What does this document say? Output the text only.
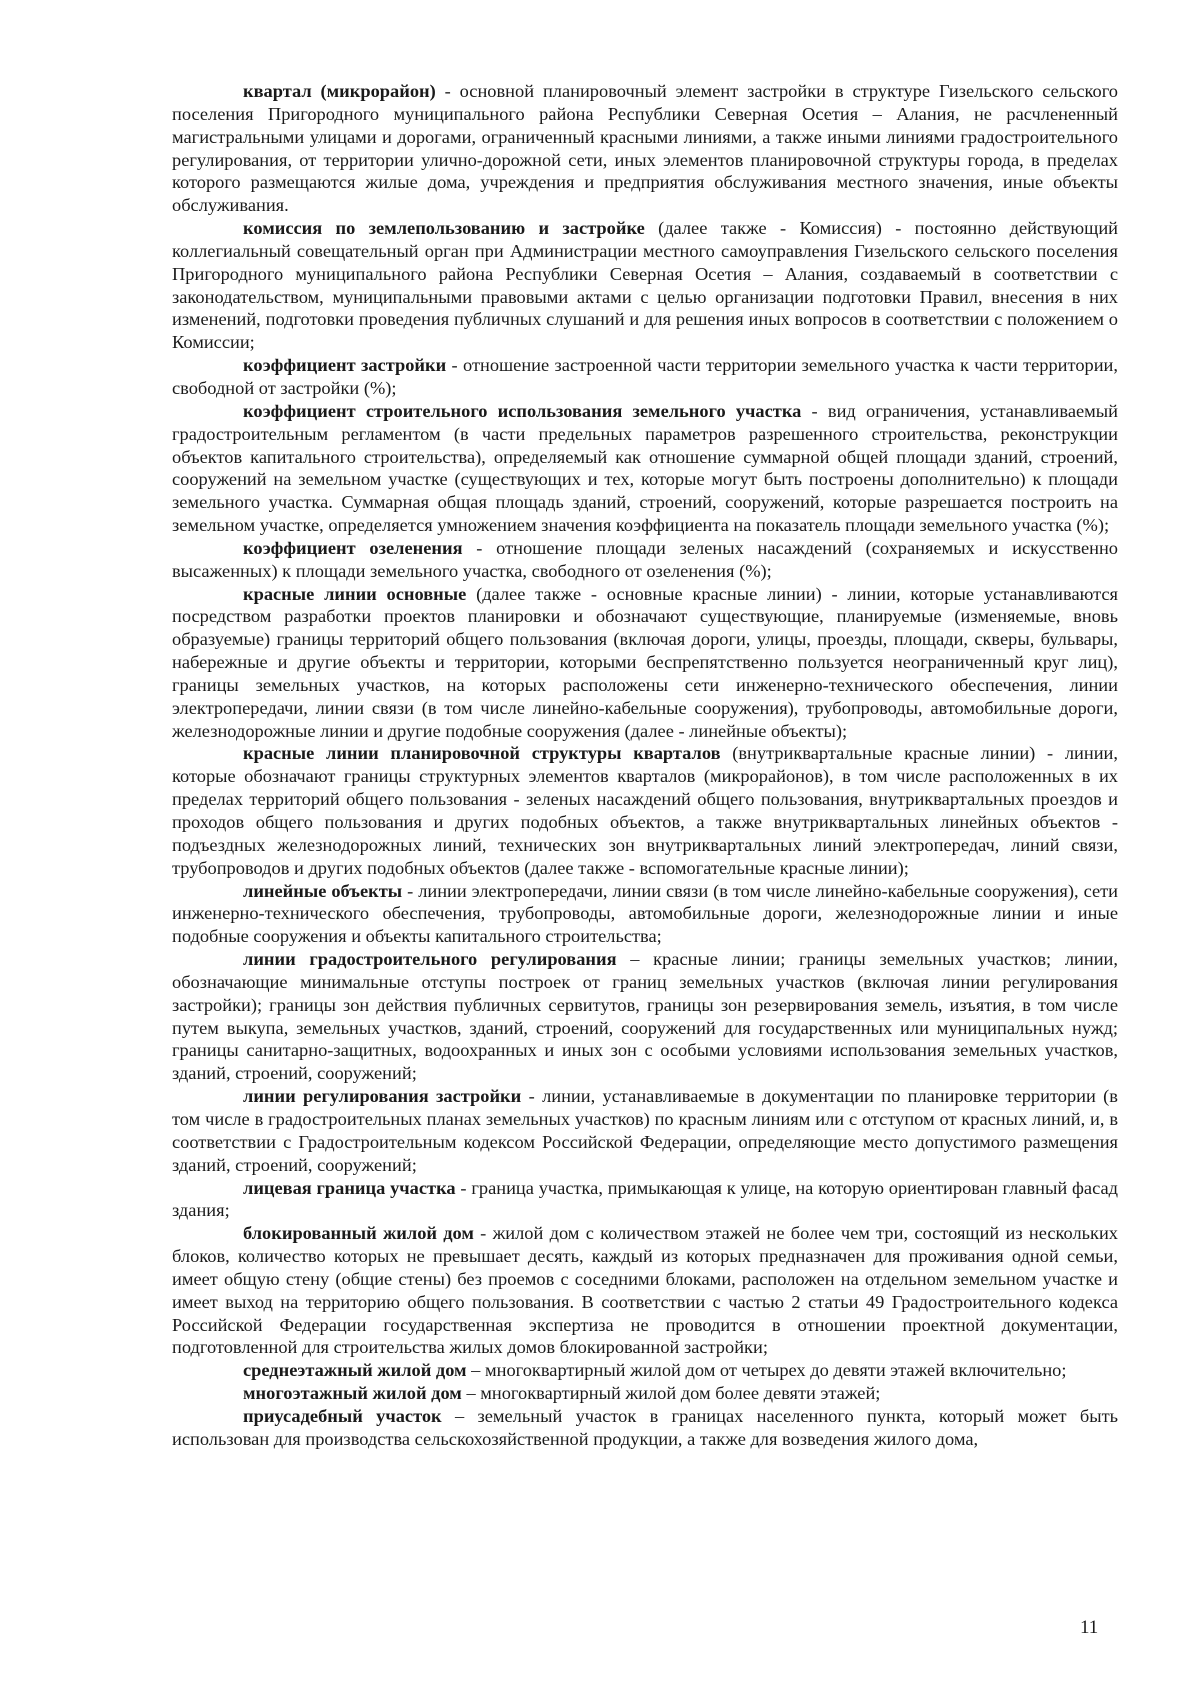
квартал (микрорайон) - основной планировочный элемент застройки в структуре Гизельского сельского поселения Пригородного муниципального района Республики Северная Осетия – Алания, не расчлененный магистральными улицами и дорогами, ограниченный красными линиями, а также иными линиями градостроительного регулирования, от территории улично-дорожной сети, иных элементов планировочной структуры города, в пределах которого размещаются жилые дома, учреждения и предприятия обслуживания местного значения, иные объекты обслуживания.

комиссия по землепользованию и застройке (далее также - Комиссия) - постоянно действующий коллегиальный совещательный орган при Администрации местного самоуправления Гизельского сельского поселения Пригородного муниципального района Республики Северная Осетия – Алания, создаваемый в соответствии с законодательством, муниципальными правовыми актами с целью организации подготовки Правил, внесения в них изменений, подготовки проведения публичных слушаний и для решения иных вопросов в соответствии с положением о Комиссии;

коэффициент застройки - отношение застроенной части территории земельного участка к части территории, свободной от застройки (%);

коэффициент строительного использования земельного участка - вид ограничения, устанавливаемый градостроительным регламентом (в части предельных параметров разрешенного строительства, реконструкции объектов капитального строительства), определяемый как отношение суммарной общей площади зданий, строений, сооружений на земельном участке (существующих и тех, которые могут быть построены дополнительно) к площади земельного участка. Суммарная общая площадь зданий, строений, сооружений, которые разрешается построить на земельном участке, определяется умножением значения коэффициента на показатель площади земельного участка (%);

коэффициент озеленения - отношение площади зеленых насаждений (сохраняемых и искусственно высаженных) к площади земельного участка, свободного от озеленения (%);

красные линии основные (далее также - основные красные линии) - линии, которые устанавливаются посредством разработки проектов планировки и обозначают существующие, планируемые (изменяемые, вновь образуемые) границы территорий общего пользования (включая дороги, улицы, проезды, площади, скверы, бульвары, набережные и другие объекты и территории, которыми беспрепятственно пользуется неограниченный круг лиц), границы земельных участков, на которых расположены сети инженерно-технического обеспечения, линии электропередачи, линии связи (в том числе линейно-кабельные сооружения), трубопроводы, автомобильные дороги, железнодорожные линии и другие подобные сооружения (далее - линейные объекты);

красные линии планировочной структуры кварталов (внутриквартальные красные линии) - линии, которые обозначают границы структурных элементов кварталов (микрорайонов), в том числе расположенных в их пределах территорий общего пользования - зеленых насаждений общего пользования, внутриквартальных проездов и проходов общего пользования и других подобных объектов, а также внутриквартальных линейных объектов - подъездных железнодорожных линий, технических зон внутриквартальных линий электропередач, линий связи, трубопроводов и других подобных объектов (далее также - вспомогательные красные линии);

линейные объекты - линии электропередачи, линии связи (в том числе линейно-кабельные сооружения), сети инженерно-технического обеспечения, трубопроводы, автомобильные дороги, железнодорожные линии и иные подобные сооружения и объекты капитального строительства;

линии градостроительного регулирования – красные линии; границы земельных участков; линии, обозначающие минимальные отступы построек от границ земельных участков (включая линии регулирования застройки); границы зон действия публичных сервитутов, границы зон резервирования земель, изъятия, в том числе путем выкупа, земельных участков, зданий, строений, сооружений для государственных или муниципальных нужд; границы санитарно-защитных, водоохранных и иных зон с особыми условиями использования земельных участков, зданий, строений, сооружений;

линии регулирования застройки - линии, устанавливаемые в документации по планировке территории (в том числе в градостроительных планах земельных участков) по красным линиям или с отступом от красных линий, и, в соответствии с Градостроительным кодексом Российской Федерации, определяющие место допустимого размещения зданий, строений, сооружений;

лицевая граница участка - граница участка, примыкающая к улице, на которую ориентирован главный фасад здания;

блокированный жилой дом - жилой дом с количеством этажей не более чем три, состоящий из нескольких блоков, количество которых не превышает десять, каждый из которых предназначен для проживания одной семьи, имеет общую стену (общие стены) без проемов с соседними блоками, расположен на отдельном земельном участке и имеет выход на территорию общего пользования. В соответствии с частью 2 статьи 49 Градостроительного кодекса Российской Федерации государственная экспертиза не проводится в отношении проектной документации, подготовленной для строительства жилых домов блокированной застройки;

среднеэтажный жилой дом – многоквартирный жилой дом от четырех до девяти этажей включительно;

многоэтажный жилой дом – многоквартирный жилой дом более девяти этажей;

приусадебный участок – земельный участок в границах населенного пункта, который может быть использован для производства сельскохозяйственной продукции, а также для возведения жилого дома,

11
